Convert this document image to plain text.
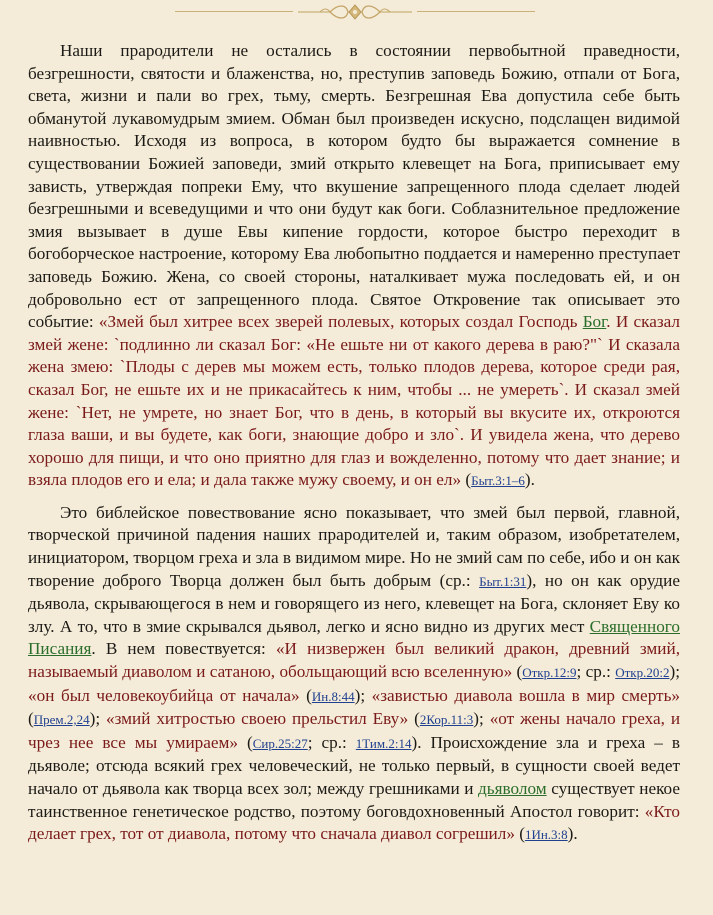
Наши прародители не остались в состоянии первобытной праведности, безгрешности, святости и блаженства, но, преступив заповедь Божию, отпали от Бога, света, жизни и пали во грех, тьму, смерть. Безгрешная Ева допустила себе быть обманутой лукавомудрым змием. Обман был произведен искусно, подслащен видимой наивностью. Исходя из вопроса, в котором будто бы выражается сомнение в существовании Божией заповеди, змий открыто клевещет на Бога, приписывает ему зависть, утверждая попреки Ему, что вкушение запрещенного плода сделает людей безгрешными и всеведущими и что они будут как боги. Соблазнительное предложение змия вызывает в душе Евы кипение гордости, которое быстро переходит в богоборческое настроение, которому Ева любопытно поддается и намеренно преступает заповедь Божию. Жена, со своей стороны, наталкивает мужа последовать ей, и он добровольно ест от запрещенного плода. Святое Откровение так описывает это событие: «Змей был хитрее всех зверей полевых, которых создал Господь Бог. И сказал змей жене: `подлинно ли сказал Бог: «Не ешьте ни от какого дерева в раю?"` И сказала жена змею: `Плоды с дерев мы можем есть, только плодов дерева, которое среди рая, сказал Бог, не ешьте их и не прикасайтесь к ним, чтобы ... не умереть`. И сказал змей жене: `Нет, не умрете, но знает Бог, что в день, в который вы вкусите их, откроются глаза ваши, и вы будете, как боги, знающие добро и зло`. И увидела жена, что дерево хорошо для пищи, и что оно приятно для глаз и вожделенно, потому что дает знание; и взяла плодов его и ела; и дала также мужу своему, и он ел» (Быт.3:1–6).

Это библейское повествование ясно показывает, что змей был первой, главной, творческой причиной падения наших прародителей и, таким образом, изобретателем, инициатором, творцом греха и зла в видимом мире. Но не змий сам по себе, ибо и он как творение доброго Творца должен был быть добрым (ср.: Быт.1:31), но он как орудие дьявола, скрывающегося в нем и говорящего из него, клевещет на Бога, склоняет Еву ко злу. А то, что в змие скрывался дьявол, легко и ясно видно из других мест Священного Писания. В нем повествуется: «И низвержен был великий дракон, древний змий, называемый диаволом и сатаною, обольщающий всю вселенную» (Откр.12:9; ср.: Откр.20:2); «он был человекоубийца от начала» (Ин.8:44); «завистью диавола вошла в мир смерть» (Прем.2,24); «змий хитростью своею прельстил Еву» (2Кор.11:3); «от жены начало греха, и чрез нее все мы умираем» (Сир.25:27; ср.: 1Тим.2:14). Происхождение зла и греха – в дьяволе; отсюда всякий грех человеческий, не только первый, в сущности своей ведет начало от дьявола как творца всех зол; между грешниками и дьяволом существует некое таинственное генетическое родство, поэтому боговдохновенный Апостол говорит: «Кто делает грех, тот от диавола, потому что сначала диавол согрешил» (1Ин.3:8).
